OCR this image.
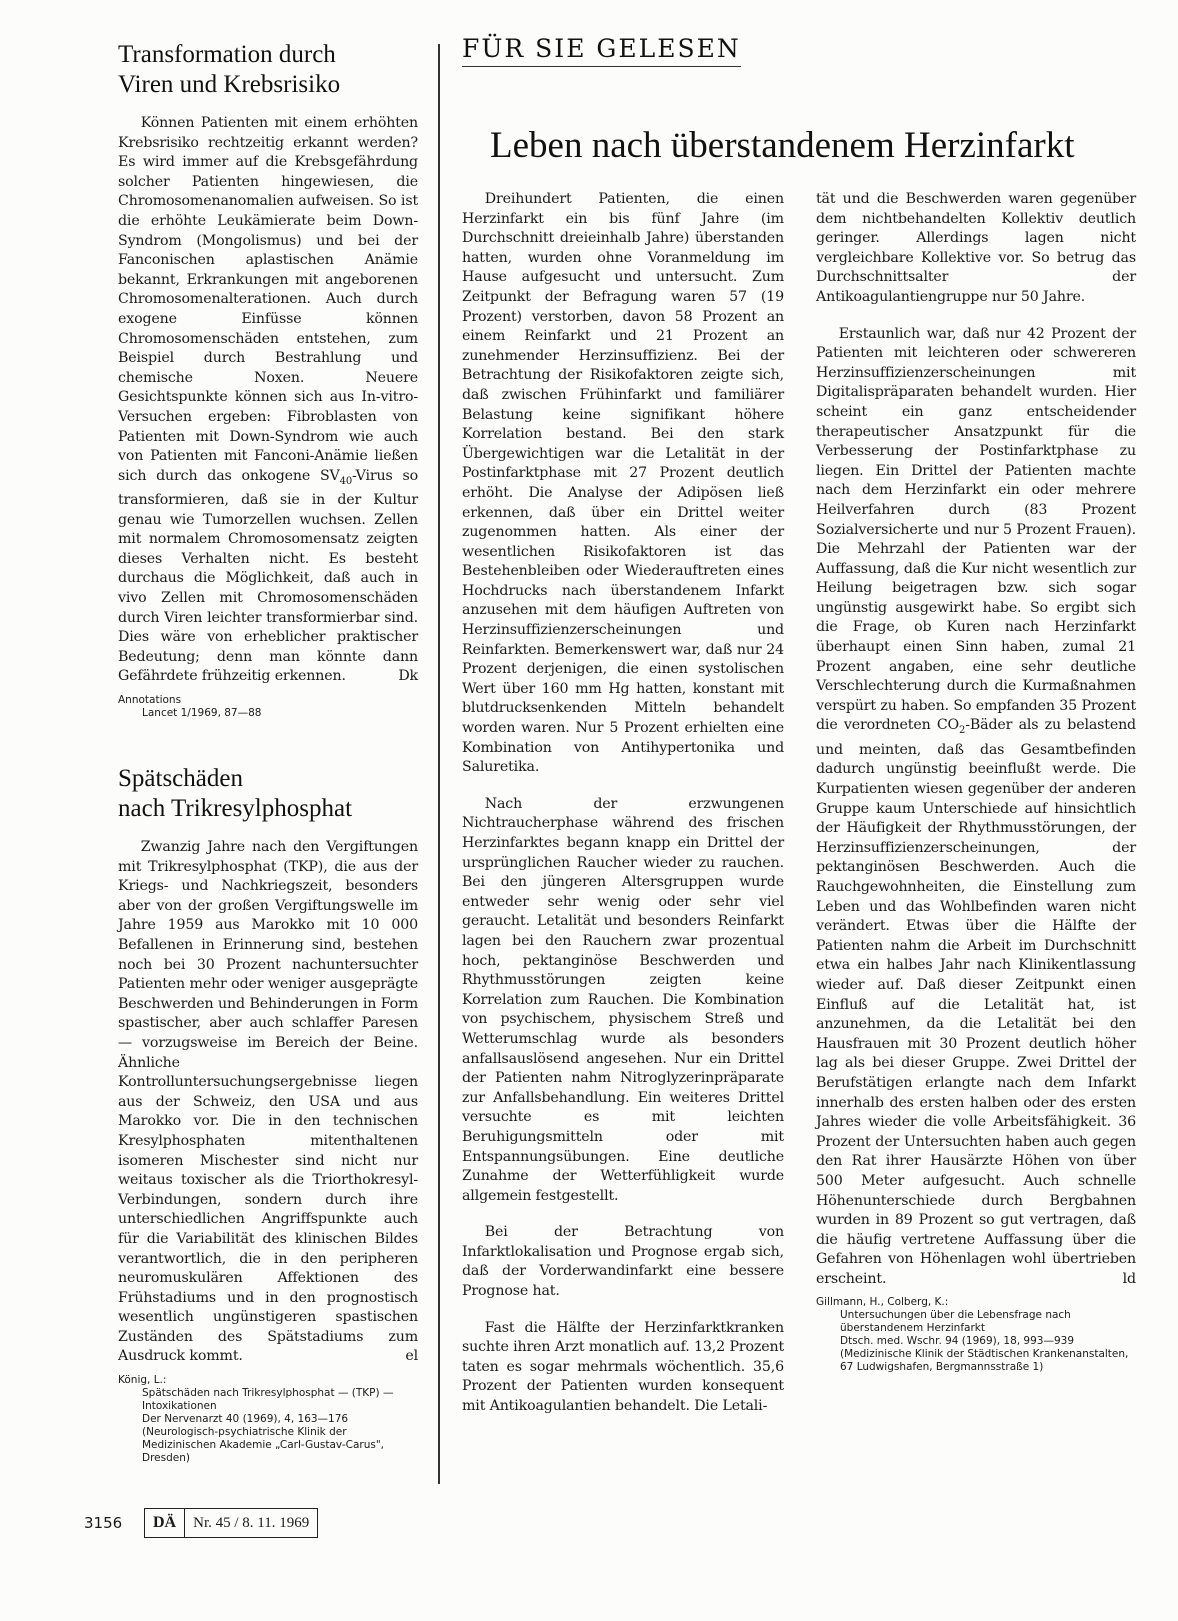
Transformation durch
Viren und Krebsrisiko

Können Patienten mit einem erhöhten Krebsrisiko rechtzeitig erkannt werden? Es wird immer auf die Krebsgefährdung solcher Patienten hingewiesen, die Chromosomenanomalien aufweisen. So ist die erhöhte Leukämierate beim Down-Syndrom (Mongolismus) und bei der Fanconischen aplastischen Anämie bekannt, Erkrankungen mit angeborenen Chromosomenalterationen. Auch durch exogene Einfüsse können Chromosomenschäden entstehen, zum Beispiel durch Bestrahlung und chemische Noxen. Neuere Gesichtspunkte können sich aus In-vitro-Versuchen ergeben: Fibroblasten von Patienten mit Down-Syndrom wie auch von Patienten mit Fanconi-Anämie ließen sich durch das onkogene $SV_{40}$-Virus so transformieren, daß sie in der Kultur genau wie Tumorzellen wuchsen. Zellen mit normalem Chromosomensatz zeigten dieses Verhalten nicht. Es besteht durchaus die Möglichkeit, daß auch in vivo Zellen mit Chromosomenschäden durch Viren leichter transformierbar sind. Dies wäre von erheblicher praktischer Bedeutung; denn man könnte dann Gefährdete frühzeitig erkennen.	Dk

Annotations

Lancet 1/1969, 87—88

Spätschäden
nach Trikresylphosphat

Zwanzig Jahre nach den Vergiftungen mit Trikresylphosphat (TKP), die aus der Kriegs- und Nachkriegszeit, besonders aber von der großen Vergiftungswelle im Jahre 1959 aus Marokko mit 10 000 Befallenen in Erinnerung sind, bestehen noch bei 30 Prozent nachuntersuchter Patienten mehr oder weniger ausgeprägte Beschwerden und Behinderungen in Form spastischer, aber auch schlaffer Paresen — vorzugsweise im Bereich der Beine. Ähnliche Kontrolluntersuchungsergebnisse liegen aus der Schweiz, den USA und aus Marokko vor. Die in den technischen Kresylphosphaten mitenthaltenen isomeren Mischester sind nicht nur weitaus toxischer als die Triorthokresyl-Verbindungen, sondern durch ihre unterschiedlichen Angriffspunkte auch für die Variabilität des klinischen Bildes verantwortlich, die in den peripheren neuromuskulären Affektionen des Frühstadiums und in den prognostisch wesentlich ungünstigeren spastischen Zuständen des Spätstadiums zum Ausdruck kommt.	el

König, L.:

Spätschäden nach Trikresylphosphat — (TKP) — Intoxikationen

Der Nervenarzt 40 (1969), 4, 163—176

(Neurologisch-psychiatrische Klinik der Medizinischen Akademie „Carl-Gustav-Carus", Dresden)

FÜR SIE GELESEN
Leben nach überstandenem Herzinfarkt

Dreihundert Patienten, die einen Herzinfarkt ein bis fünf Jahre (im Durchschnitt dreieinhalb Jahre) überstanden hatten, wurden ohne Voranmeldung im Hause aufgesucht und untersucht. Zum Zeitpunkt der Befragung waren 57 (19 Prozent) verstorben, davon 58 Prozent an einem Reinfarkt und 21 Prozent an zunehmender Herzinsuffizienz. Bei der Betrachtung der Risikofaktoren zeigte sich, daß zwischen Frühinfarkt und familiärer Belastung keine signifikant höhere Korrelation bestand. Bei den stark Übergewichtigen war die Letalität in der Postinfarktphase mit 27 Prozent deutlich erhöht. Die Analyse der Adipösen ließ erkennen, daß über ein Drittel weiter zugenommen hatten. Als einer der wesentlichen Risikofaktoren ist das Bestehenbleiben oder Wiederauftreten eines Hochdrucks nach überstandenem Infarkt anzusehen mit dem häufigen Auftreten von Herzinsuffizienzerscheinungen und Reinfarkten. Bemerkenswert war, daß nur 24 Prozent derjenigen, die einen systolischen Wert über 160 mm Hg hatten, konstant mit blutdrucksenkenden Mitteln behandelt worden waren. Nur 5 Prozent erhielten eine Kombination von Antihypertonika und Saluretika.

Nach der erzwungenen Nichtraucherphase während des frischen Herzinfarktes begann knapp ein Drittel der ursprünglichen Raucher wieder zu rauchen. Bei den jüngeren Altersgruppen wurde entweder sehr wenig oder sehr viel geraucht. Letalität und besonders Reinfarkt lagen bei den Rauchern zwar prozentual hoch, pektanginöse Beschwerden und Rhythmusstörungen zeigten keine Korrelation zum Rauchen. Die Kombination von psychischem, physischem Streß und Wetterumschlag wurde als besonders anfallsauslösend angesehen. Nur ein Drittel der Patienten nahm Nitroglyzerinpräparate zur Anfallsbehandlung. Ein weiteres Drittel versuchte es mit leichten Beruhigungsmitteln oder mit Entspannungsübungen. Eine deutliche Zunahme der Wetterfühligkeit wurde allgemein festgestellt.

Bei der Betrachtung von Infarktlokalisation und Prognose ergab sich, daß der Vorderwandinfarkt eine bessere Prognose hat.

Fast die Hälfte der Herzinfarktkranken suchte ihren Arzt monatlich auf. 13,2 Prozent taten es sogar mehrmals wöchentlich. 35,6 Prozent der Patienten wurden konsequent mit Antikoagulantien behandelt. Die Letali-

tät und die Beschwerden waren gegenüber dem nichtbehandelten Kollektiv deutlich geringer. Allerdings lagen nicht vergleichbare Kollektive vor. So betrug das Durchschnittsalter der Antikoagulantiengruppe nur 50 Jahre.

Erstaunlich war, daß nur 42 Prozent der Patienten mit leichteren oder schwereren Herzinsuffizienzerscheinungen mit Digitalispräparaten behandelt wurden. Hier scheint ein ganz entscheidender therapeutischer Ansatzpunkt für die Verbesserung der Postinfarktphase zu liegen. Ein Drittel der Patienten machte nach dem Herzinfarkt ein oder mehrere Heilverfahren durch (83 Prozent Sozialversicherte und nur 5 Prozent Frauen). Die Mehrzahl der Patienten war der Auffassung, daß die Kur nicht wesentlich zur Heilung beigetragen bzw. sich sogar ungünstig ausgewirkt habe. So ergibt sich die Frage, ob Kuren nach Herzinfarkt überhaupt einen Sinn haben, zumal 21 Prozent angaben, eine sehr deutliche Verschlechterung durch die Kurmaßnahmen verspürt zu haben. So empfanden 35 Prozent die verordneten $CO_2$-Bäder als zu belastend und meinten, daß das Gesamtbefinden dadurch ungünstig beeinflußt werde. Die Kurpatienten wiesen gegenüber der anderen Gruppe kaum Unterschiede auf hinsichtlich der Häufigkeit der Rhythmusstörungen, der Herzinsuffizienzerscheinungen, der pektanginösen Beschwerden. Auch die Rauchgewohnheiten, die Einstellung zum Leben und das Wohlbefinden waren nicht verändert. Etwas über die Hälfte der Patienten nahm die Arbeit im Durchschnitt etwa ein halbes Jahr nach Klinikentlassung wieder auf. Daß dieser Zeitpunkt einen Einfluß auf die Letalität hat, ist anzunehmen, da die Letalität bei den Hausfrauen mit 30 Prozent deutlich höher lag als bei dieser Gruppe. Zwei Drittel der Berufstätigen erlangte nach dem Infarkt innerhalb des ersten halben oder des ersten Jahres wieder die volle Arbeitsfähigkeit. 36 Prozent der Untersuchten haben auch gegen den Rat ihrer Hausärzte Höhen von über 500 Meter aufgesucht. Auch schnelle Höhenunterschiede durch Bergbahnen wurden in 89 Prozent so gut vertragen, daß die häufig vertretene Auffassung über die Gefahren von Höhenlagen wohl übertrieben erscheint.	ld

Gillmann, H., Colberg, K.:

Untersuchungen über die Lebensfrage nach überstandenem Herzinfarkt

Dtsch. med. Wschr. 94 (1969), 18, 993—939

(Medizinische Klinik der Städtischen Krankenanstalten, 67 Ludwigshafen, Bergmannsstraße 1)

3156	DÄ	Nr. 45 / 8. 11. 1969
